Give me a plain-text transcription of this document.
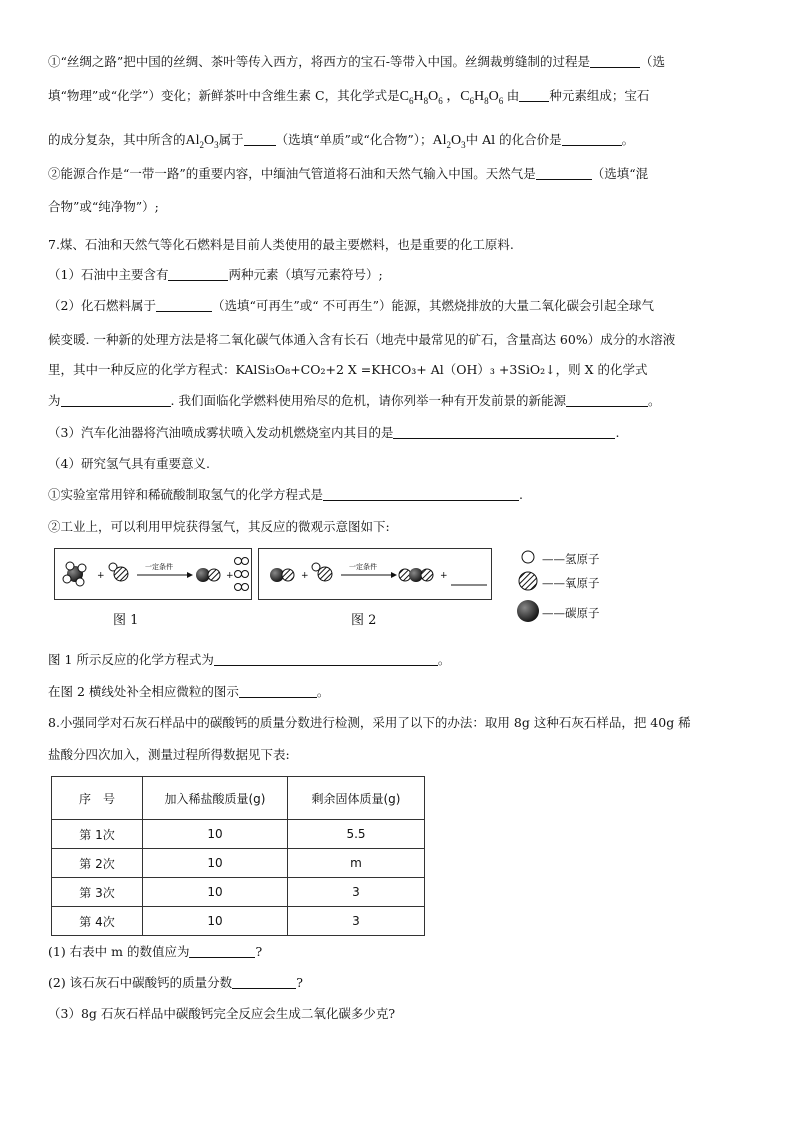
①“丝绸之路”把中国的丝绸、茶叶等传入西方，将西方的宝石-等带入中国。丝绸裁剪缝制的过程是	（选
填“物理”或“化学”）变化；新鲜茶叶中含维生素 C，其化学式是$C_6H_8O_6$ ，$C_6H_8O_6$ 由 种元素组成；宝石
的成分复杂，其中所含的$Al_2O_3$属于	（选填“单质”或“化合物”）；$Al_2O_3$中 Al 的化合价是	。
②能源合作是“一带一路”的重要内容，中缅油气管道将石油和天然气输入中国。天然气是	（选填“混
合物”或“纯净物”）;
7.煤、石油和天然气等化石燃料是目前人类使用的最主要燃料，也是重要的化工原料.
（1）石油中主要含有	两种元素（填写元素符号）;
（2）化石燃料属于	（选填“可再生”或“ 不可再生”）能源，其燃烧排放的大量二氧化碳会引起全球气
候变暖. 一种新的处理方法是将二氧化碳气体通入含有长石（地壳中最常见的矿石，含量高达 60%）成分的水溶液
里，其中一种反应的化学方程式：KAlSi₃O₈+CO₂+2 X =KHCO₃+ Al（OH）₃ +3SiO₂↓，则 X 的化学式
为	. 我们面临化学燃料使用殆尽的危机，请你列举一种有开发前景的新能源	。
（3）汽车化油器将汽油喷成雾状喷入发动机燃烧室内其目的是	.
（4）研究氢气具有重要意义.
①实验室常用锌和稀硫酸制取氢气的化学方程式是	.
②工业上，可以利用甲烷获得氢气，其反应的微观示意图如下:
+
一定条件
+
图 1
+
一定条件
+
图 2
——氢原子
——氧原子
——碳原子
图 1 所示反应的化学方程式为	。
在图 2 横线处补全相应微粒的图示	。
8.小强同学对石灰石样品中的碳酸钙的质量分数进行检测，采用了以下的办法：取用 8g 这种石灰石样品，把 40g 稀
盐酸分四次加入，测量过程所得数据见下表:
序　号	加入稀盐酸质量(g)	剩余固体质量(g)
第 1次	10	5.5
第 2次	10	m
第 3次	10	3
第 4次	10	3
(1) 右表中 m 的数值应为	?
(2) 该石灰石中碳酸钙的质量分数	?
（3）8g 石灰石样品中碳酸钙完全反应会生成二氧化碳多少克?
